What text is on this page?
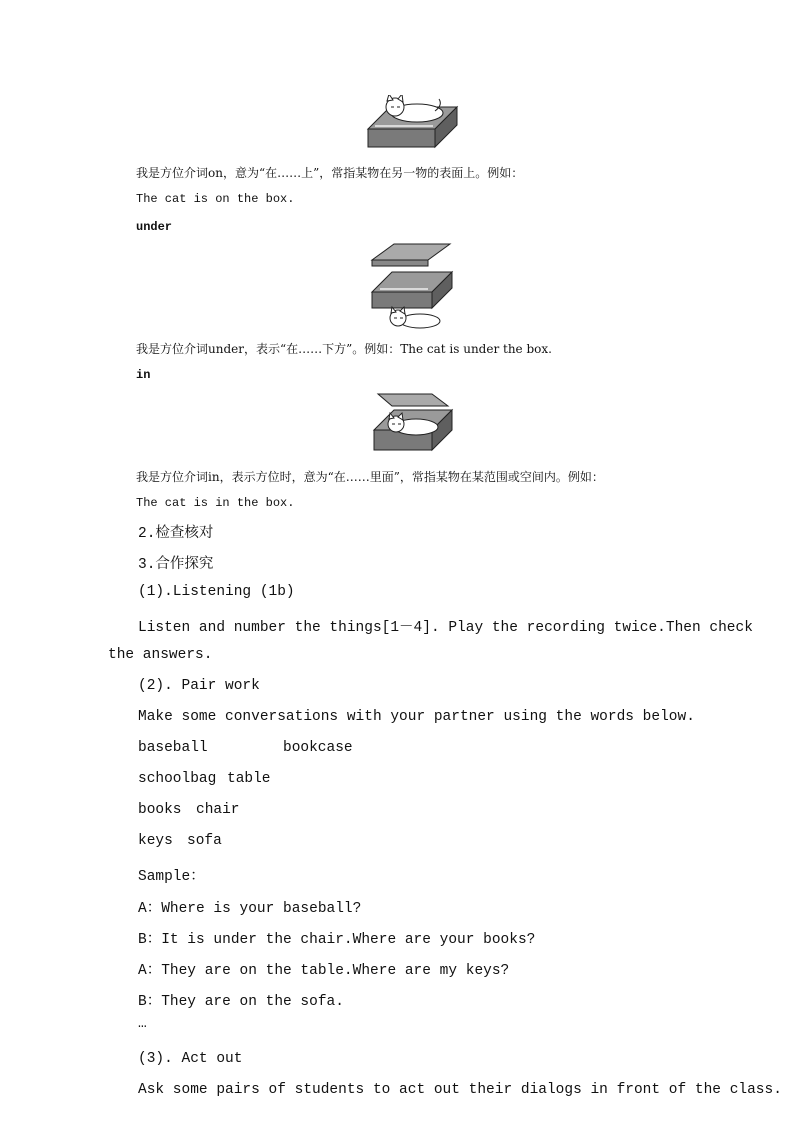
我是方位介词on，意为“在……上”，常指某物在另一物的表面上。例如：
The cat is on the box.
under
我是方位介词under，表示“在……下方”。例如：The cat is under the box.
in
我是方位介词in，表示方位时，意为“在……里面”，常指某物在某范围或空间内。例如：
The cat is in the box.
2.检查核对
3.合作探究
(1).Listening (1b)
Listen and number the things[1－4]. Play the recording twice.Then check
the answers.
(2). Pair work
Make some conversations with your partner using the words below.
baseball	bookcase
schoolbag table
books chair
keys sofa
Sample：
A：Where is your baseball?
B：It is under the chair.Where are your books?
A：They are on the table.Where are my keys?
B：They are on the sofa.
…
(3). Act out
Ask some pairs of students to act out their dialogs in front of the class.
